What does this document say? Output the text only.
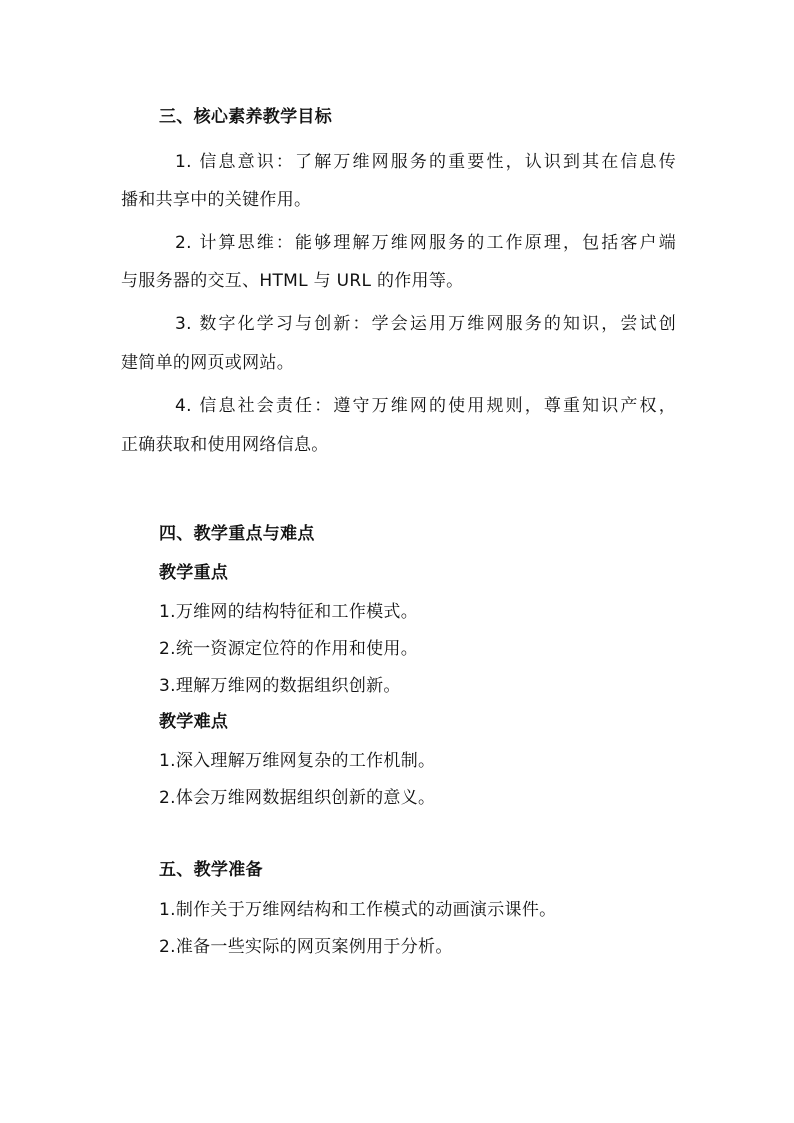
三、核心素养教学目标
1. 信息意识：了解万维网服务的重要性，认识到其在信息传
播和共享中的关键作用。
2. 计算思维：能够理解万维网服务的工作原理，包括客户端
与服务器的交互、HTML 与 URL 的作用等。
3. 数字化学习与创新：学会运用万维网服务的知识，尝试创
建简单的网页或网站。
4. 信息社会责任：遵守万维网的使用规则，尊重知识产权，
正确获取和使用网络信息。
四、教学重点与难点
教学重点
1.万维网的结构特征和工作模式。
2.统一资源定位符的作用和使用。
3.理解万维网的数据组织创新。
教学难点
1.深入理解万维网复杂的工作机制。
2.体会万维网数据组织创新的意义。
五、教学准备
1.制作关于万维网结构和工作模式的动画演示课件。
2.准备一些实际的网页案例用于分析。
